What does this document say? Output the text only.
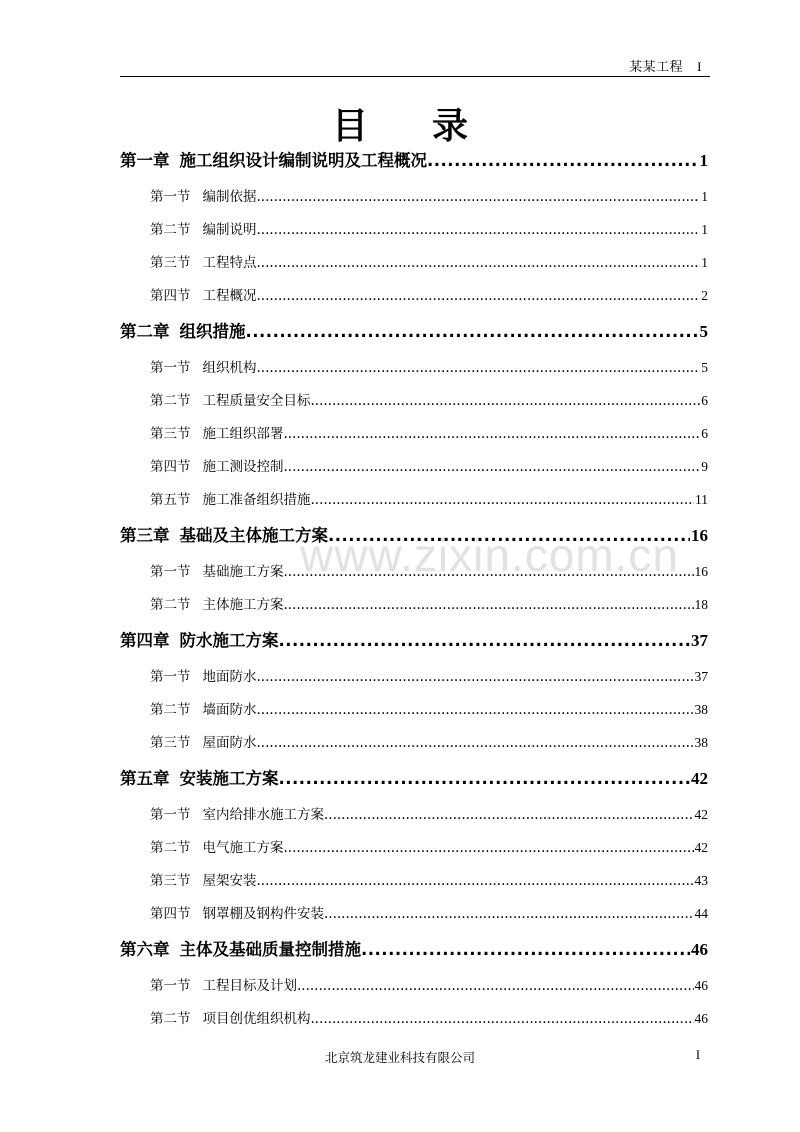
某某工程 I
目录
www.zixin.com.cn
第一章 施工组织设计编制说明及工程概况 .....	1
第一节 编制依据 .....	1
第二节 编制说明 .....	1
第三节 工程特点 .....	1
第四节 工程概况 .....	2
第二章 组织措施 .....	5
第一节 组织机构 .....	5
第二节 工程质量安全目标 .....	6
第三节 施工组织部署 .....	6
第四节 施工测设控制 .....	9
第五节 施工准备组织措施 .....	11
第三章 基础及主体施工方案 .....	16
第一节 基础施工方案 .....	16
第二节 主体施工方案 .....	18
第四章 防水施工方案 .....	37
第一节 地面防水 .....	37
第二节 墙面防水 .....	38
第三节 屋面防水 .....	38
第五章 安装施工方案 .....	42
第一节 室内给排水施工方案 .....	42
第二节 电气施工方案 .....	42
第三节 屋架安装 .....	43
第四节 钢罩棚及钢构件安装 .....	44
第六章 主体及基础质量控制措施 .....	46
第一节 工程目标及计划 .....	46
第二节 项目创优组织机构 .....	46
北京筑龙建业科技有限公司	I
